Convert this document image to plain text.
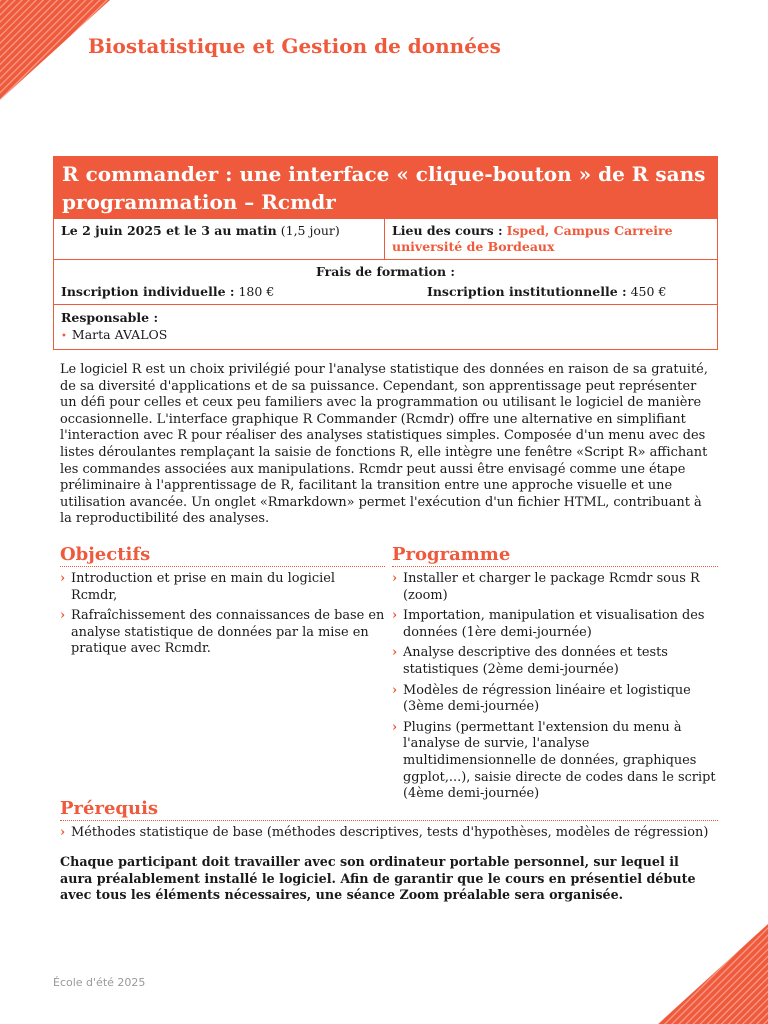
Biostatistique et Gestion de données
R commander : une interface « clique-bouton » de R sans programmation – Rcmdr
Le 2 juin 2025 et le 3 au matin (1,5 jour)	Lieu des cours : Isped, Campus Carreire université de Bordeaux
Frais de formation :
Inscription individuelle : 180 €	Inscription institutionnelle : 450 €
Responsable :
• Marta AVALOS

Le logiciel R est un choix privilégié pour l'analyse statistique des données en raison de sa gratuité, de sa diversité d'applications et de sa puissance. Cependant, son apprentissage peut représenter un défi pour celles et ceux peu familiers avec la programmation ou utilisant le logiciel de manière occasionnelle. L'interface graphique R Commander (Rcmdr) offre une alternative en simplifiant l'interaction avec R pour réaliser des analyses statistiques simples. Composée d'un menu avec des listes déroulantes remplaçant la saisie de fonctions R, elle intègre une fenêtre «Script R» affichant les commandes associées aux manipulations. Rcmdr peut aussi être envisagé comme une étape préliminaire à l'apprentissage de R, facilitant la transition entre une approche visuelle et une utilisation avancée. Un onglet «Rmarkdown» permet l'exécution d'un fichier HTML, contribuant à la reproductibilité des analyses.

Objectifs
› Introduction et prise en main du logiciel Rcmdr,
› Rafraîchissement des connaissances de base en analyse statistique de données par la mise en pratique avec Rcmdr.
Programme
› Installer et charger le package Rcmdr sous R (zoom)
› Importation, manipulation et visualisation des données (1ère demi-journée)
› Analyse descriptive des données et tests statistiques (2ème demi-journée)
› Modèles de régression linéaire et logistique (3ème demi-journée)
› Plugins (permettant l'extension du menu à l'analyse de survie, l'analyse multidimensionnelle de données, graphiques ggplot,...), saisie directe de codes dans le script (4ème demi-journée)
Prérequis
› Méthodes statistique de base (méthodes descriptives, tests d'hypothèses, modèles de régression)

Chaque participant doit travailler avec son ordinateur portable personnel, sur lequel il aura préalablement installé le logiciel. Afin de garantir que le cours en présentiel débute avec tous les éléments nécessaires, une séance Zoom préalable sera organisée.

École d'été 2025
